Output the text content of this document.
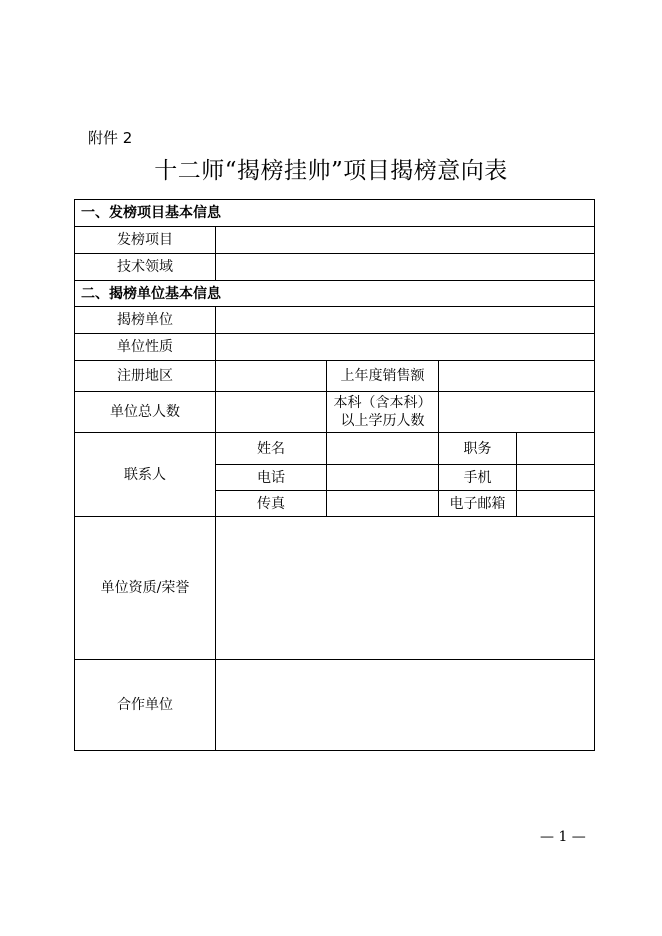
附件 2
十二师“揭榜挂帅”项目揭榜意向表
一、发榜项目基本信息				
发榜项目				
技术领域				
二、揭榜单位基本信息				
揭榜单位				
单位性质				
注册地区		上年度销售额		
单位总人数		本科（含本科）
以上学历人数		

联系人	姓名		职务	
	电话		手机	
	传真		电子邮箱	
单位资质/荣誉				
合作单位				
— 1 —
